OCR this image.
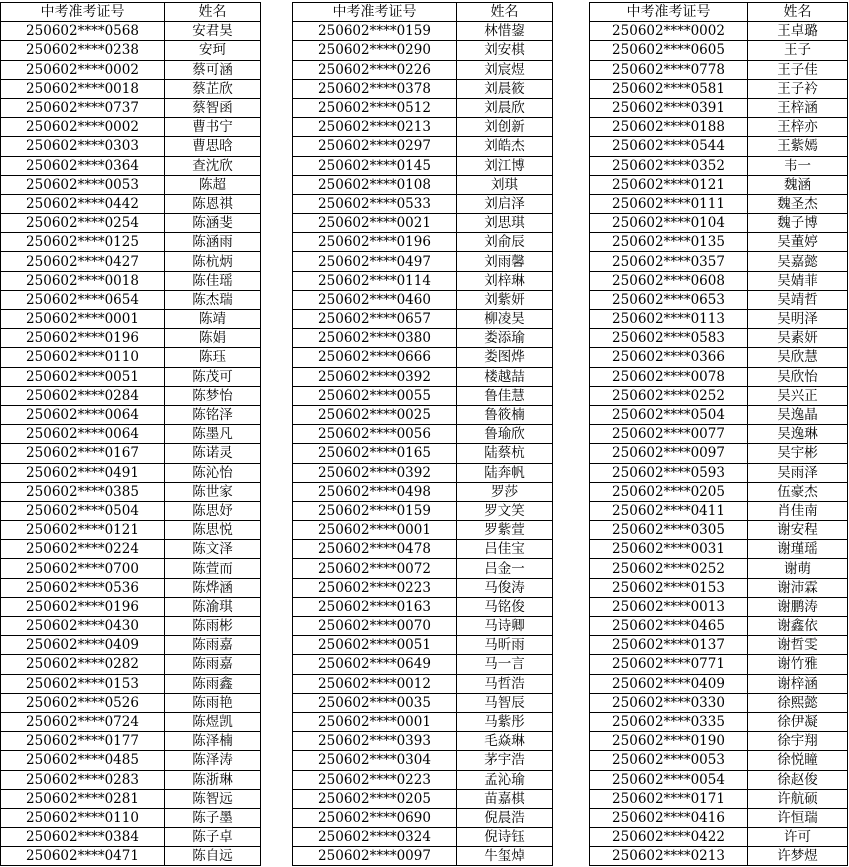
中考准考证号	姓名
250602****0568	安君昊
250602****0238	安珂
250602****0002	蔡可涵
250602****0018	蔡芷欣
250602****0737	蔡智函
250602****0002	曹书宁
250602****0303	曹思晗
250602****0364	查沈欣
250602****0053	陈超
250602****0442	陈恩祺
250602****0254	陈涵斐
250602****0125	陈涵雨
250602****0427	陈杭炳
250602****0018	陈佳瑶
250602****0654	陈杰瑞
250602****0001	陈靖
250602****0196	陈娟
250602****0110	陈珏
250602****0051	陈茂可
250602****0284	陈梦怡
250602****0064	陈铭泽
250602****0064	陈墨凡
250602****0167	陈诺灵
250602****0491	陈沁怡
250602****0385	陈世家
250602****0504	陈思妤
250602****0121	陈思悦
250602****0224	陈文泽
250602****0700	陈萱而
250602****0536	陈烨涵
250602****0196	陈渝琪
250602****0430	陈雨彬
250602****0409	陈雨嘉
250602****0282	陈雨嘉
250602****0153	陈雨鑫
250602****0526	陈雨艳
250602****0724	陈煜凯
250602****0177	陈泽楠
250602****0485	陈泽涛
250602****0283	陈浙琳
250602****0281	陈智远
250602****0110	陈子墨
250602****0384	陈子卓
250602****0471	陈自远
中考准考证号	姓名
250602****0159	林惜鋆
250602****0290	刘安棋
250602****0226	刘宸煜
250602****0378	刘晨筱
250602****0512	刘晨欣
250602****0213	刘创新
250602****0297	刘皓杰
250602****0145	刘江博
250602****0108	刘琪
250602****0533	刘启泽
250602****0021	刘思琪
250602****0196	刘俞辰
250602****0497	刘雨馨
250602****0114	刘梓琳
250602****0460	刘紫妍
250602****0657	柳凌昊
250602****0380	娄添瑜
250602****0666	娄图烨
250602****0392	楼越喆
250602****0055	鲁佳慧
250602****0025	鲁筱楠
250602****0056	鲁瑜欣
250602****0165	陆蔡杭
250602****0392	陆奔帆
250602****0498	罗莎
250602****0159	罗文笑
250602****0001	罗紫萱
250602****0478	吕佳宝
250602****0072	吕金一
250602****0223	马俊涛
250602****0163	马铭俊
250602****0070	马诗卿
250602****0051	马昕雨
250602****0649	马一言
250602****0012	马哲浩
250602****0035	马智辰
250602****0001	马紫彤
250602****0393	毛焱琳
250602****0304	茅宇浩
250602****0223	孟沁瑜
250602****0205	苗嘉棋
250602****0690	倪晨浩
250602****0324	倪诗钰
250602****0097	牛玺焯
中考准考证号	姓名
250602****0002	王卓璐
250602****0605	王子
250602****0778	王子佳
250602****0581	王子衿
250602****0391	王梓涵
250602****0188	王梓亦
250602****0544	王紫嫣
250602****0352	韦一
250602****0121	魏涵
250602****0111	魏圣杰
250602****0104	魏子博
250602****0135	吴董婷
250602****0357	吴嘉懿
250602****0608	吴婧菲
250602****0653	吴靖哲
250602****0113	吴明泽
250602****0583	吴素妍
250602****0366	吴欣慧
250602****0078	吴欣怡
250602****0252	吴兴正
250602****0504	吴逸晶
250602****0077	吴逸琳
250602****0097	吴宇彬
250602****0593	吴雨泽
250602****0205	伍豪杰
250602****0411	肖佳南
250602****0305	谢安程
250602****0031	谢瑾瑶
250602****0252	谢萌
250602****0153	谢沛霖
250602****0013	谢鹏涛
250602****0465	谢鑫依
250602****0137	谢哲雯
250602****0771	谢竹雅
250602****0409	谢梓涵
250602****0330	徐熙懿
250602****0335	徐伊凝
250602****0190	徐宇翔
250602****0053	徐悦瞳
250602****0054	徐赵俊
250602****0171	许航硕
250602****0416	许恒瑞
250602****0422	许可
250602****0213	许梦煜
